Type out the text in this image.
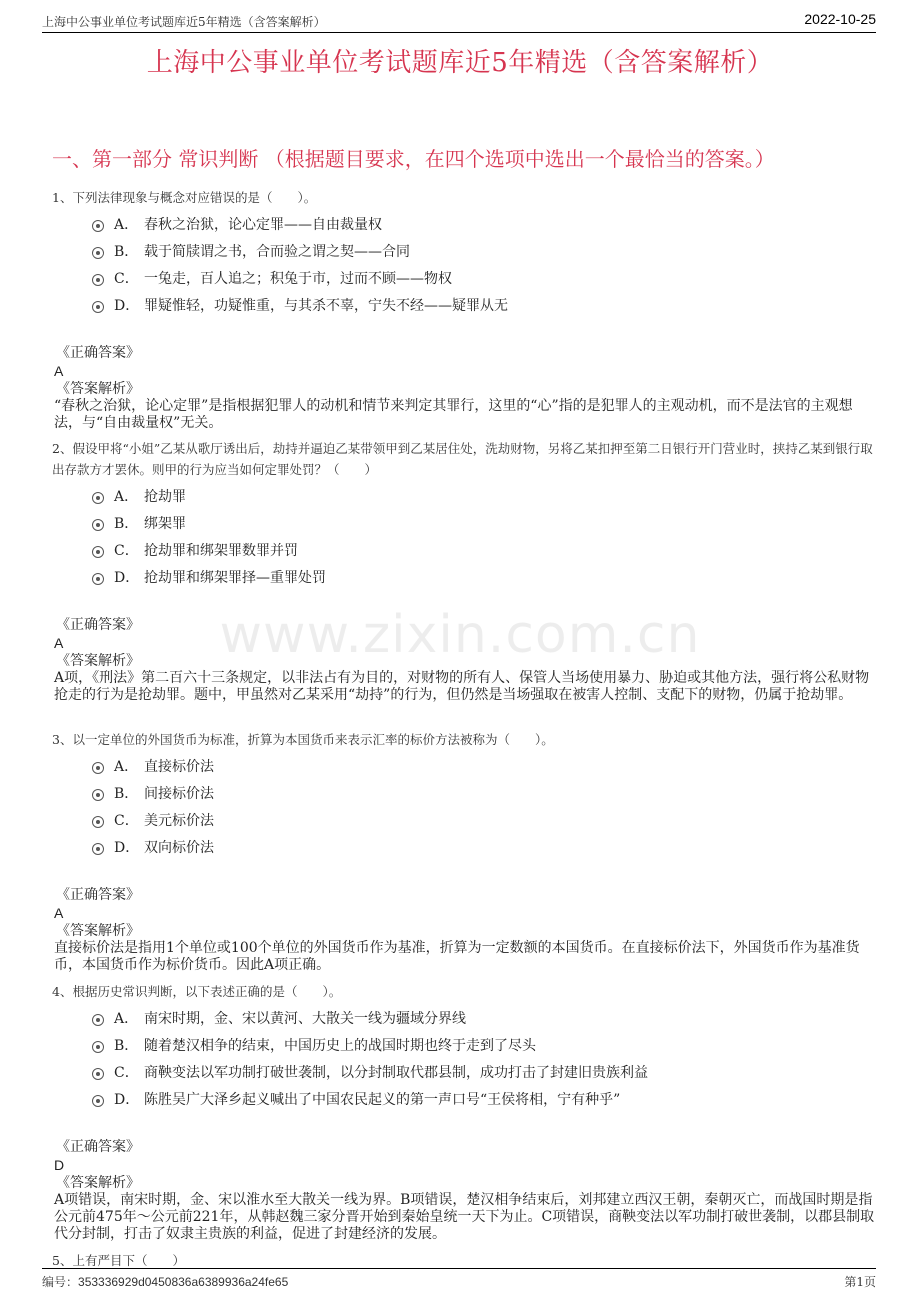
上海中公事业单位考试题库近5年精选（含答案解析）	2022-10-25
上海中公事业单位考试题库近5年精选（含答案解析）
一、第一部分 常识判断 （根据题目要求，在四个选项中选出一个最恰当的答案。）
www.zixin.com.cn
1、下列法律现象与概念对应错误的是（　　）。
A． 春秋之治狱，论心定罪——自由裁量权
B． 载于简牍谓之书，合而验之谓之契——合同
C． 一兔走，百人追之；积兔于市，过而不顾——物权
D． 罪疑惟轻，功疑惟重，与其杀不辜，宁失不经——疑罪从无
《正确答案》
A
《答案解析》
“春秋之治狱，论心定罪”是指根据犯罪人的动机和情节来判定其罪行，这里的“心”指的是犯罪人的主观动机，而不是法官的主观想法，与“自由裁量权”无关。
2、假设甲将“小姐”乙某从歌厅诱出后，劫持并逼迫乙某带领甲到乙某居住处，洗劫财物，另将乙某扣押至第二日银行开门营业时，挟持乙某到银行取出存款方才罢休。则甲的行为应当如何定罪处罚？（　　）
A． 抢劫罪
B． 绑架罪
C． 抢劫罪和绑架罪数罪并罚
D． 抢劫罪和绑架罪择—重罪处罚
《正确答案》
A
《答案解析》
A项，《刑法》第二百六十三条规定，以非法占有为目的，对财物的所有人、保管人当场使用暴力、胁迫或其他方法，强行将公私财物抢走的行为是抢劫罪。题中，甲虽然对乙某采用“劫持”的行为，但仍然是当场强取在被害人控制、支配下的财物，仍属于抢劫罪。
3、以一定单位的外国货币为标准，折算为本国货币来表示汇率的标价方法被称为（　　）。
A． 直接标价法
B． 间接标价法
C． 美元标价法
D． 双向标价法
《正确答案》
A
《答案解析》
直接标价法是指用1个单位或100个单位的外国货币作为基准，折算为一定数额的本国货币。在直接标价法下，外国货币作为基准货币，本国货币作为标价货币。因此A项正确。
4、根据历史常识判断，以下表述正确的是（　　）。
A． 南宋时期，金、宋以黄河、大散关一线为疆域分界线
B． 随着楚汉相争的结束，中国历史上的战国时期也终于走到了尽头
C． 商鞅变法以军功制打破世袭制，以分封制取代郡县制，成功打击了封建旧贵族利益
D． 陈胜吴广大泽乡起义喊出了中国农民起义的第一声口号“王侯将相，宁有种乎”
《正确答案》
D
《答案解析》
A项错误，南宋时期，金、宋以淮水至大散关一线为界。B项错误，楚汉相争结束后，刘邦建立西汉王朝，秦朝灭亡，而战国时期是指公元前475年～公元前221年，从韩赵魏三家分晋开始到秦始皇统一天下为止。C项错误，商鞅变法以军功制打破世袭制，以郡县制取代分封制，打击了奴隶主贵族的利益，促进了封建经济的发展。
5、上有严目下（　　）
编号：353336929d0450836a6389936a24fe65	第1页
